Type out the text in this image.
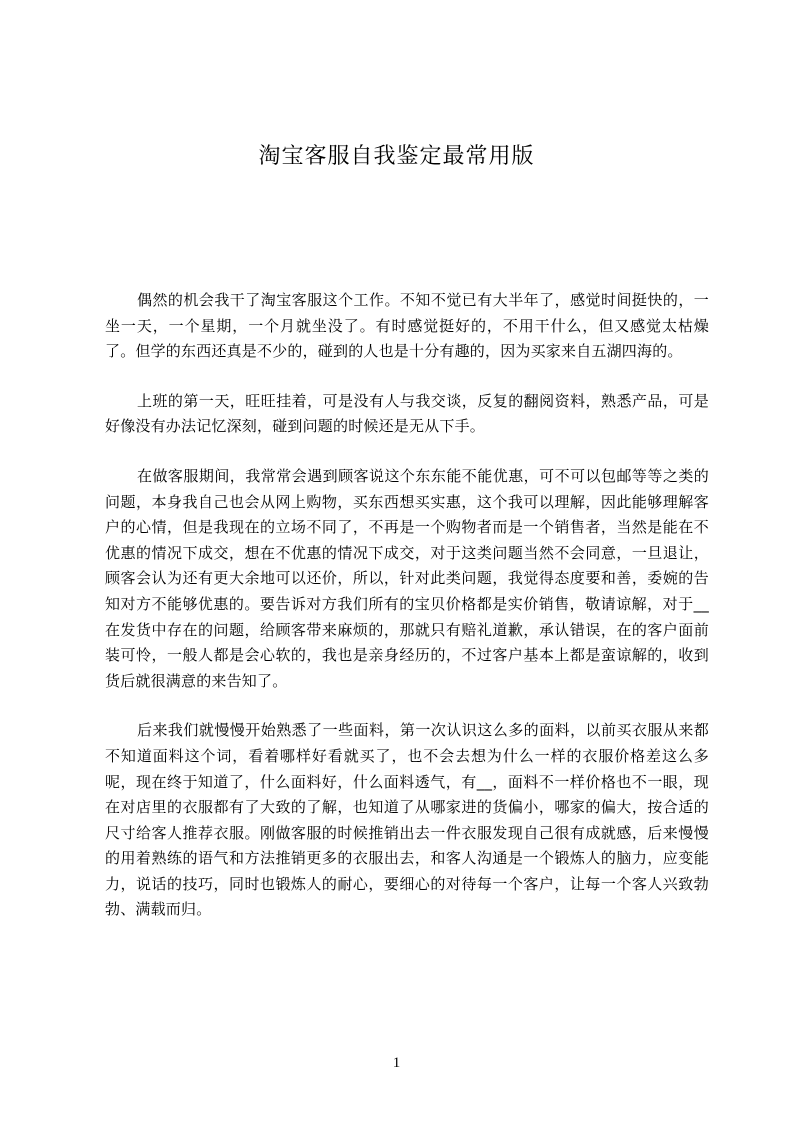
淘宝客服自我鉴定最常用版

偶然的机会我干了淘宝客服这个工作。不知不觉已有大半年了，感觉时间挺快的，一坐一天，一个星期，一个月就坐没了。有时感觉挺好的，不用干什么，但又感觉太枯燥了。但学的东西还真是不少的，碰到的人也是十分有趣的，因为买家来自五湖四海的。

上班的第一天，旺旺挂着，可是没有人与我交谈，反复的翻阅资料，熟悉产品，可是好像没有办法记忆深刻，碰到问题的时候还是无从下手。

在做客服期间，我常常会遇到顾客说这个东东能不能优惠，可不可以包邮等等之类的问题，本身我自己也会从网上购物，买东西想买实惠，这个我可以理解，因此能够理解客户的心情，但是我现在的立场不同了，不再是一个购物者而是一个销售者，当然是能在不优惠的情况下成交，想在不优惠的情况下成交，对于这类问题当然不会同意，一旦退让，顾客会认为还有更大余地可以还价，所以，针对此类问题，我觉得态度要和善，委婉的告知对方不能够优惠的。要告诉对方我们所有的宝贝价格都是实价销售，敬请谅解，对于__在发货中存在的问题，给顾客带来麻烦的，那就只有赔礼道歉，承认错误，在的客户面前装可怜，一般人都是会心软的，我也是亲身经历的，不过客户基本上都是蛮谅解的，收到货后就很满意的来告知了。

后来我们就慢慢开始熟悉了一些面料，第一次认识这么多的面料，以前买衣服从来都不知道面料这个词，看着哪样好看就买了，也不会去想为什么一样的衣服价格差这么多呢，现在终于知道了，什么面料好，什么面料透气，有__，面料不一样价格也不一眼，现在对店里的衣服都有了大致的了解，也知道了从哪家进的货偏小，哪家的偏大，按合适的尺寸给客人推荐衣服。刚做客服的时候推销出去一件衣服发现自己很有成就感，后来慢慢的用着熟练的语气和方法推销更多的衣服出去，和客人沟通是一个锻炼人的脑力，应变能力，说话的技巧，同时也锻炼人的耐心，要细心的对待每一个客户，让每一个客人兴致勃勃、满载而归。

1
